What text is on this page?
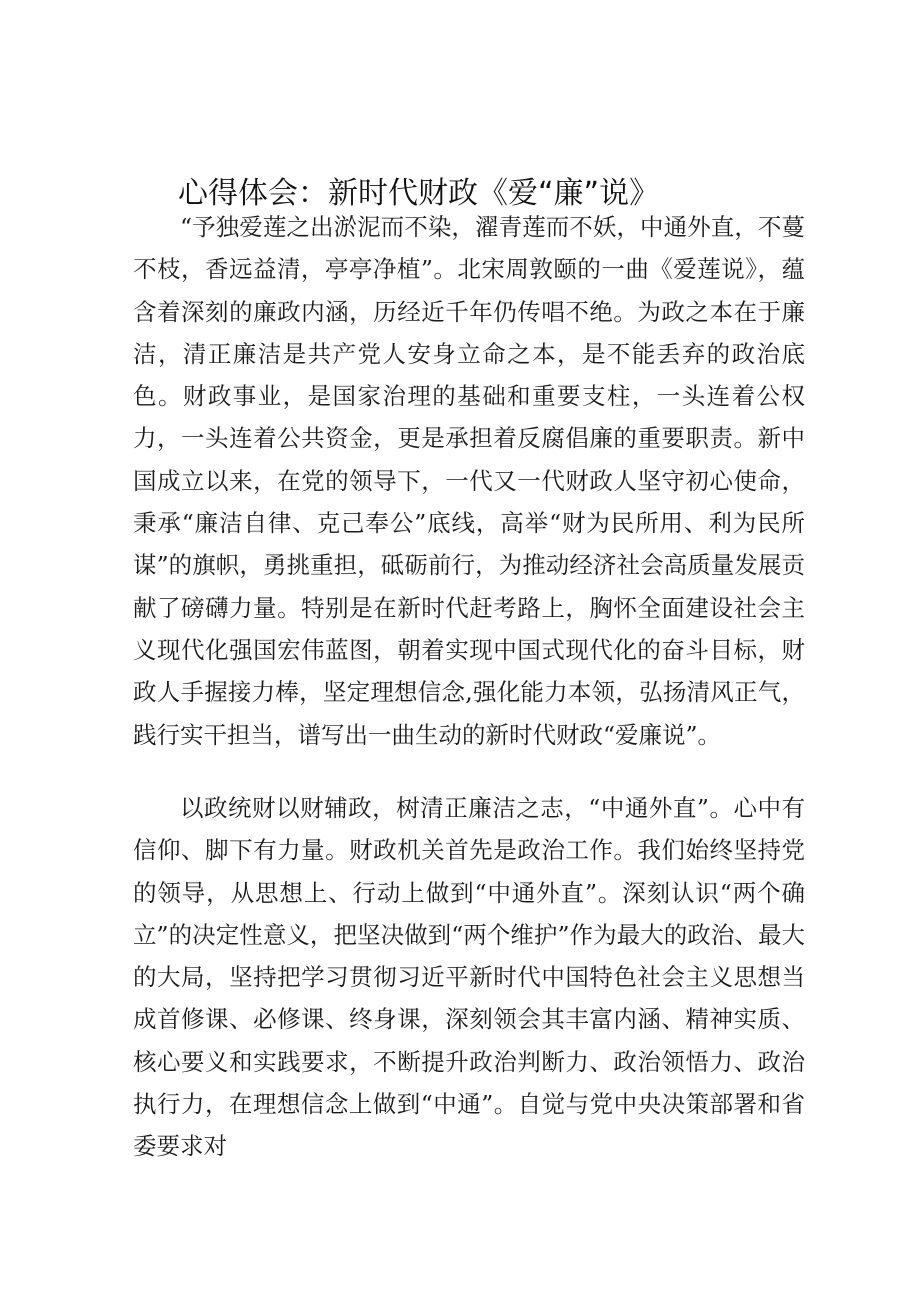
心得体会：新时代财政《爱“廉”说》

“予独爱莲之出淤泥而不染，濯青莲而不妖，中通外直，不蔓不枝，香远益清，亭亭净植”。北宋周敦颐的一曲《爱莲说》，蕴含着深刻的廉政内涵，历经近千年仍传唱不绝。为政之本在于廉洁，清正廉洁是共产党人安身立命之本，是不能丢弃的政治底色。财政事业，是国家治理的基础和重要支柱，一头连着公权力，一头连着公共资金，更是承担着反腐倡廉的重要职责。新中国成立以来，在党的领导下，一代又一代财政人坚守初心使命，秉承“廉洁自律、克己奉公”底线，高举“财为民所用、利为民所谋”的旗帜，勇挑重担，砥砺前行，为推动经济社会高质量发展贡献了磅礴力量。特别是在新时代赶考路上，胸怀全面建设社会主义现代化强国宏伟蓝图，朝着实现中国式现代化的奋斗目标，财政人手握接力棒，坚定理想信念,强化能力本领，弘扬清风正气，践行实干担当，谱写出一曲生动的新时代财政“爱廉说”。

以政统财以财辅政，树清正廉洁之志，“中通外直”。心中有信仰、脚下有力量。财政机关首先是政治工作。我们始终坚持党的领导，从思想上、行动上做到“中通外直”。深刻认识“两个确立”的决定性意义，把坚决做到“两个维护”作为最大的政治、最大的大局，坚持把学习贯彻习近平新时代中国特色社会主义思想当成首修课、必修课、终身课，深刻领会其丰富内涵、精神实质、核心要义和实践要求，不断提升政治判断力、政治领悟力、政治执行力，在理想信念上做到“中通”。自觉与党中央决策部署和省委要求对
